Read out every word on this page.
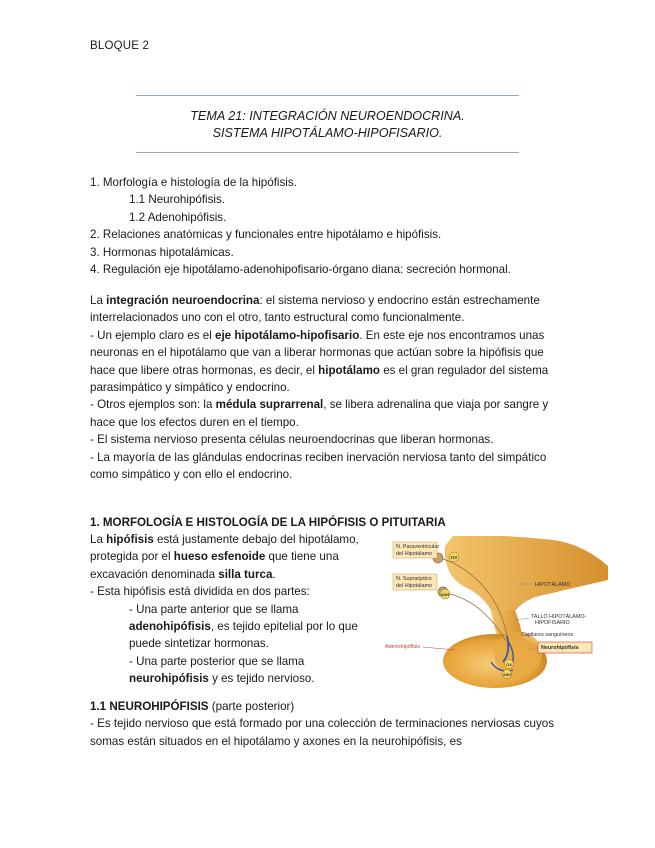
BLOQUE 2
TEMA 21: INTEGRACIÓN NEUROENDOCRINA.
SISTEMA HIPOTÁLAMO-HIPOFISARIO.

1. Morfología e histología de la hipófisis.

1.1 Neurohipófisis.

1.2 Adenohipófisis.

2. Relaciones anatómicas y funcionales entre hipotálamo e hipófisis.

3. Hormonas hipotalámicas.

4. Regulación eje hipotálamo-adenohipofisario-órgano diana: secreción hormonal.

La integración neuroendocrina: el sistema nervioso y endocrino están estrechamente interrelacionados uno con el otro, tanto estructural como funcionalmente.

- Un ejemplo claro es el eje hipotálamo-hipofisario. En este eje nos encontramos unas neuronas en el hipotálamo que van a liberar hormonas que actúan sobre la hipófisis que hace que libere otras hormonas, es decir, el hipotálamo es el gran regulador del sistema parasimpático y simpático y endocrino.

- Otros ejemplos son: la médula suprarrenal, se libera adrenalina que viaja por sangre y hace que los efectos duren en el tiempo.

- El sistema nervioso presenta células neuroendocrinas que liberan hormonas.

- La mayoría de las glándulas endocrinas reciben inervación nerviosa tanto del simpático como simpático y con ello el endocrino.

1. MORFOLOGÍA E HISTOLOGÍA DE LA HIPÓFISIS O PITUITARIA

La hipófisis está justamente debajo del hipotálamo, protegida por el hueso esfenoide que tiene una excavación denominada silla turca.

- Esta hipófisis está dividida en dos partes:

- Una parte anterior que se llama adenohipófisis, es tejido epitelial por lo que puede sintetizar hormonas.

- Una parte posterior que se llama neurohipófisis y es tejido nervioso.

OX
ADH
OX
ADH
N. Paraventricular
del Hipotálamo
N. Supraóptico
del Hipotálamo	HIPOTÁLAMO
TALLO HIPOTÁLAMO-
HIPOFISARIO
Capilares sanguíneos
Adenohipófisis	Neurohipófisis

1.1 NEUROHIPÓFISIS (parte posterior)

- Es tejido nervioso que está formado por una colección de terminaciones nerviosas cuyos somas están situados en el hipotálamo y axones en la neurohipófisis, es
